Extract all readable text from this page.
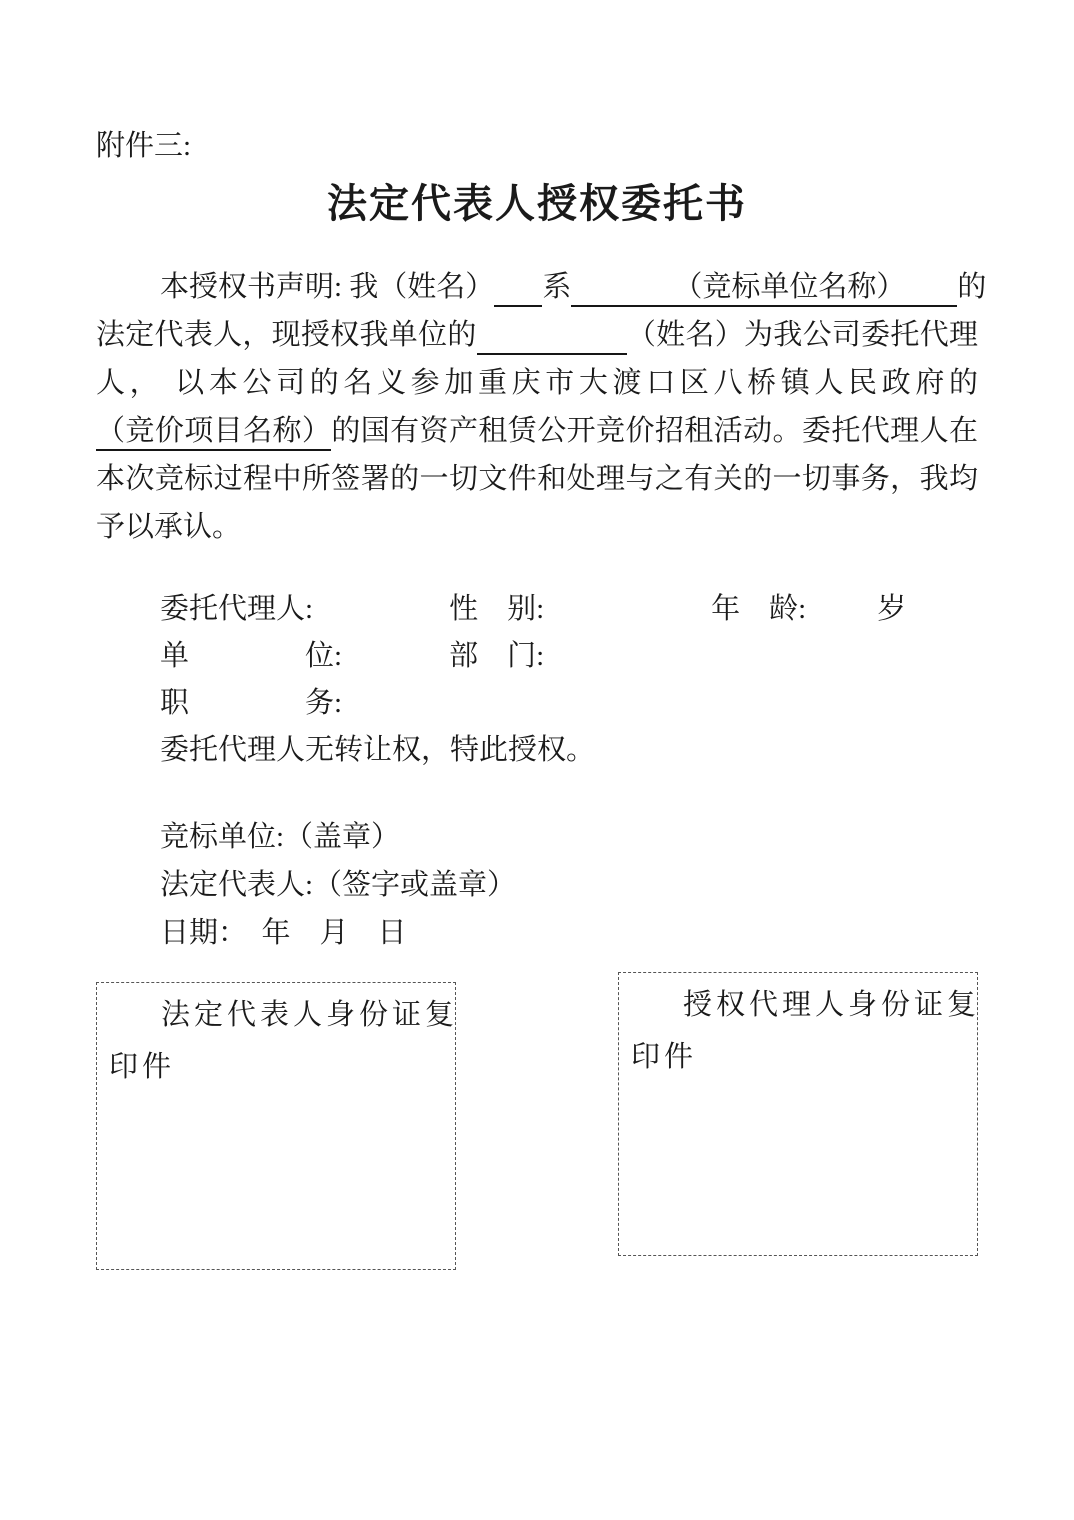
附件三:
法定代表人授权委托书
本授权书声明: 我（姓名） 系	（竞标单位名称） 的
法定代表人，现授权我单位的	（姓名）为我公司委托代理
人， 以本公司的名义参加重庆市大渡口区八桥镇人民政府的
（竞价项目名称）的国有资产租赁公开竞价招租活动。委托代理人在
本次竞标过程中所签署的一切文件和处理与之有关的一切事务，我均
予以承认。
委托代理人:	性　别:	年　龄: 岁
单　　　　位:	部　门:
职　　　　务:
委托代理人无转让权，特此授权。
竞标单位:（盖章）
法定代表人:（签字或盖章）
日期：　年　月　日
法定代表人身份证复
印件
授权代理人身份证复
印件
